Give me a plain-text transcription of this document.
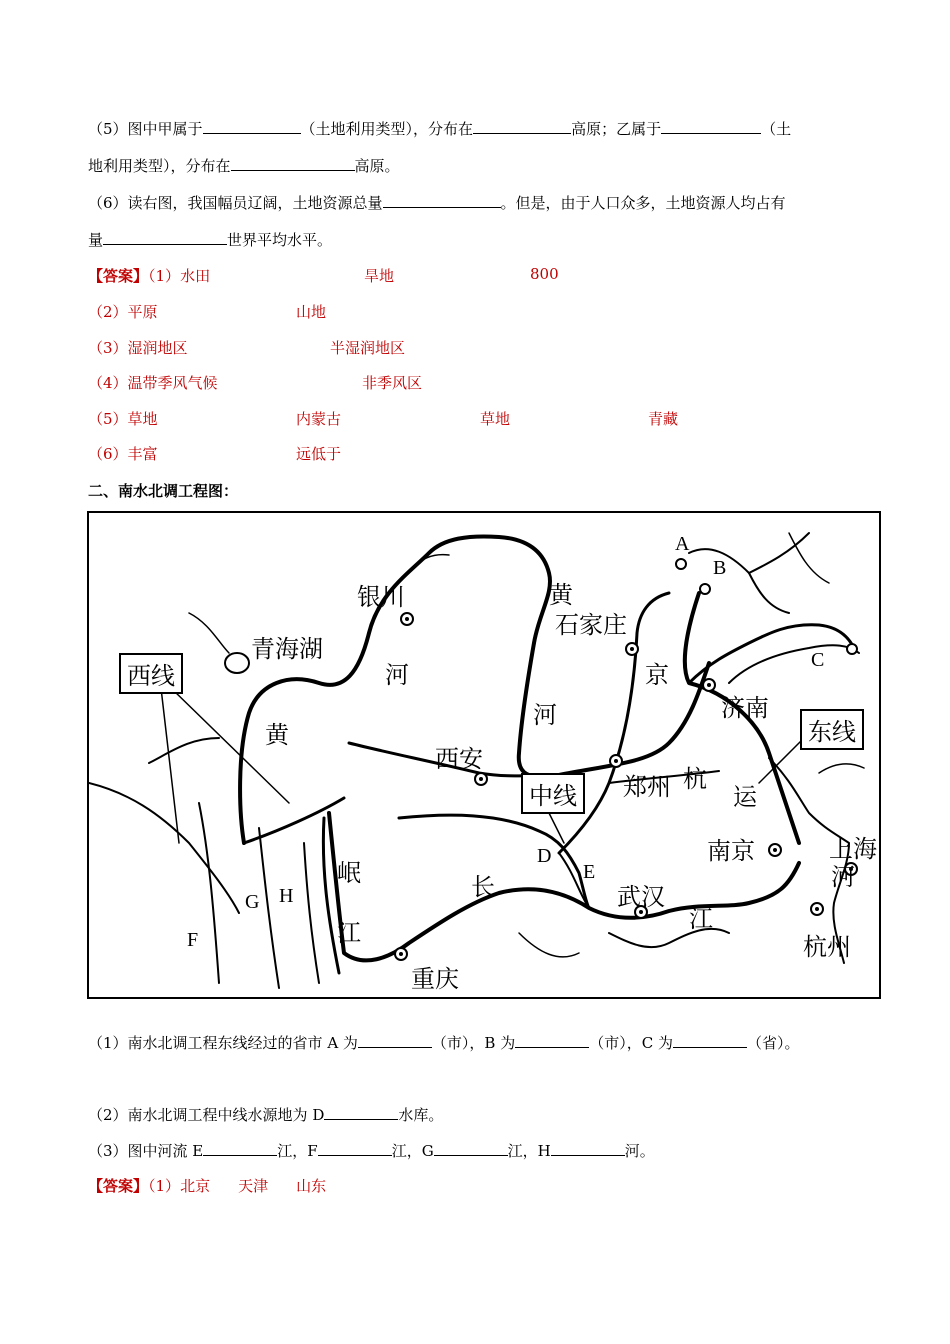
（5）图中甲属于	（土地利用类型），分布在	高原；乙属于	（土
地利用类型），分布在	高原。
（6）读右图，我国幅员辽阔，土地资源总量	。但是，由于人口众多，土地资源人均占有
量	世界平均水平。
【答案】（1）水田	旱地	800
（2）平原	山地
（3）湿润地区	半湿润地区
（4）温带季风气候	非季风区
（5）草地	内蒙古	草地	青藏
（6）丰富	远低于
二、南水北调工程图：
西线
中线
东线
银川
石家庄
济南
西安
郑州
南京	上海
武汉
杭州
重庆
青海湖
黄
河
黄
河
京
杭
运
河
岷
江
长
江
A
B
C
D
E
F
G H
（1）南水北调工程东线经过的省市 A 为	（市），B 为	（市），C 为	（省）。
（2）南水北调工程中线水源地为 D	水库。
（3）图中河流 E	江，F	江，G	江，H	河。
【答案】（1）北京 天津 山东
